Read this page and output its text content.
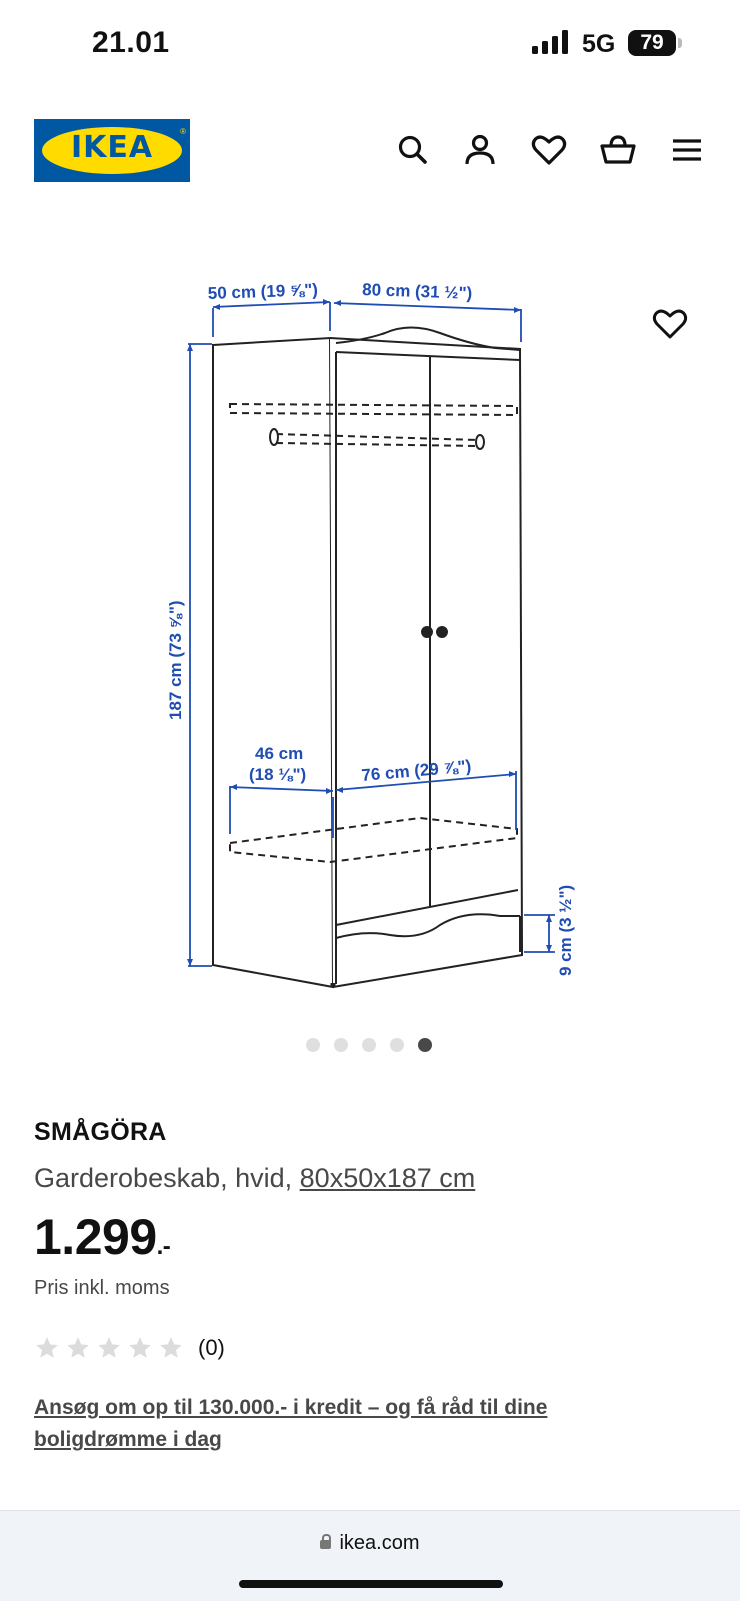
21.01	5G	79
IKEA	®
50 cm (19 ⅝")	80 cm (31 ½")
187 cm (73 ⅝")
46 cm
(18 ⅛")	76 cm (29 ⅞")
9 cm (3 ½")
SMÅGÖRA
Garderobeskab, hvid, 80x50x187 cm
1.299.-
Pris inkl. moms
(0)
Ansøg om op til 130.000.- i kredit – og få råd til dine boligdrømme i dag
ikea.com
